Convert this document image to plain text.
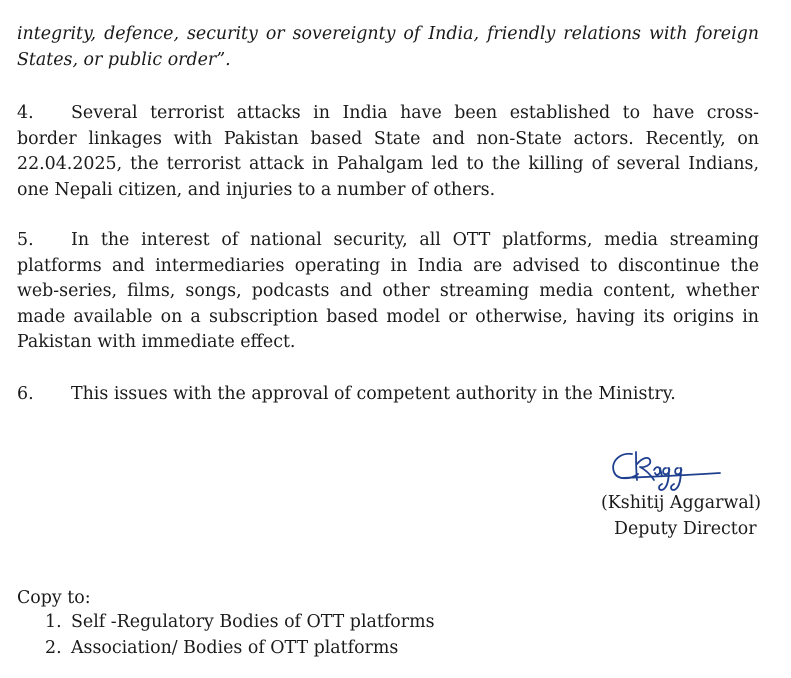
integrity, defence, security or sovereignty of India, friendly relations with foreign
States, or public order”.
4. Several terrorist attacks in India have been established to have cross-
border linkages with Pakistan based State and non-State actors. Recently, on
22.04.2025, the terrorist attack in Pahalgam led to the killing of several Indians,
one Nepali citizen, and injuries to a number of others.
5. In the interest of national security, all OTT platforms, media streaming
platforms and intermediaries operating in India are advised to discontinue the
web-series, films, songs, podcasts and other streaming media content, whether
made available on a subscription based model or otherwise, having its origins in
Pakistan with immediate effect.
6. This issues with the approval of competent authority in the Ministry.
(Kshitij Aggarwal)
Deputy Director
Copy to:
1. Self -Regulatory Bodies of OTT platforms
2. Association/ Bodies of OTT platforms
